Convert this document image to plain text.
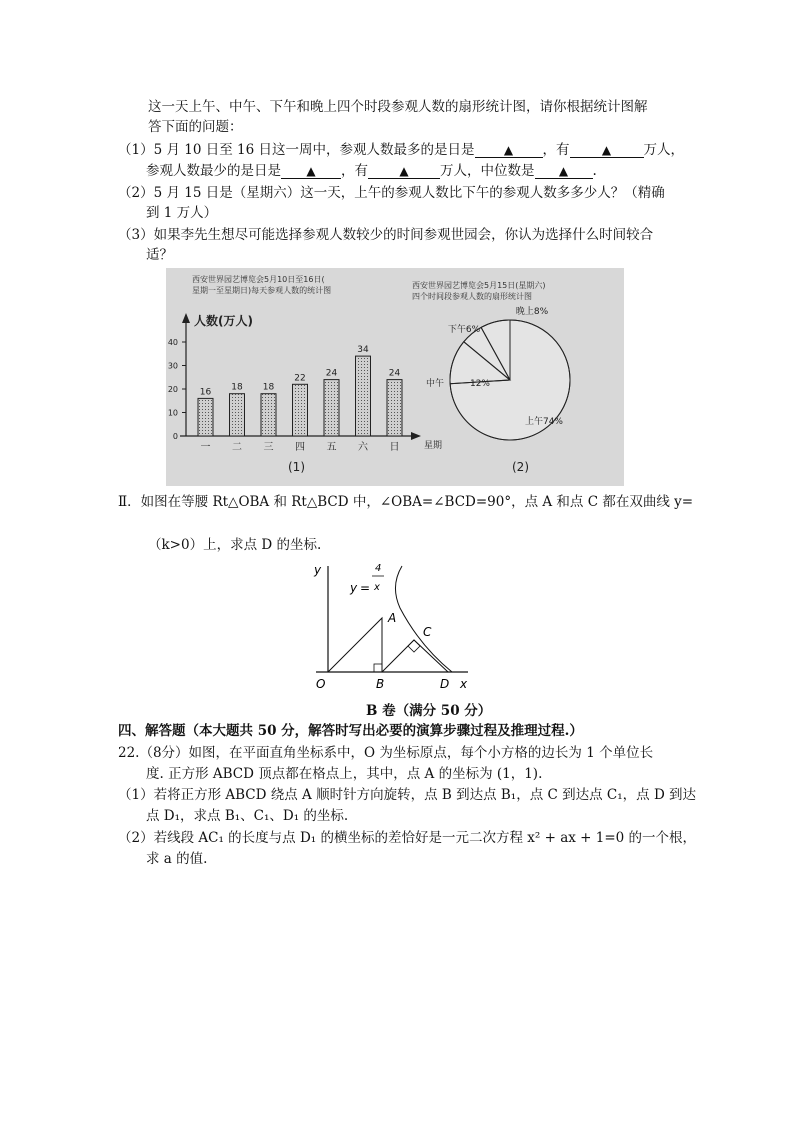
这一天上午、中午、下午和晚上四个时段参观人数的扇形统计图，请你根据统计图解
答下面的问题：
（1）5 月 10 日至 16 日这一周中，参观人数最多的是日是 ▲ ，有	▲ 万人，
参观人数最少的是日是 ▲ ，有	▲ 万人，中位数是 ▲ .
（2）5 月 15 日是（星期六）这一天，上午的参观人数比下午的参观人数多多少人？（精确
到 1 万人）
（3）如果李先生想尽可能选择参观人数较少的时间参观世园会，你认为选择什么时间较合
适？
西安世界园艺博览会5月10日至16日( 星期一至星期日)每天参观人数的统计图
人数(万人)
星期
0
10
20
30
40
16
一
18
二
18
三
22
四
24
五
34
六
24
日
(1)
西安世界园艺博览会5月15日(星期六) 四个时间段参观人数的扇形统计图
上午74%
12%
中午
下午6%
晚上8%
(2)
Ⅱ．如图在等腰 Rt△OBA 和 Rt△BCD 中，∠OBA=∠BCD=90°，点 A 和点 C 都在双曲线 y=
（k>0）上，求点 D 的坐标.
y
x
O	B	D
A
C
y =
4
x
B 卷（满分 50 分）
四、解答题（本大题共 50 分，解答时写出必要的演算步骤过程及推理过程.）
22.（8分）如图，在平面直角坐标系中，O 为坐标原点，每个小方格的边长为 1 个单位长
度. 正方形 ABCD 顶点都在格点上，其中，点 A 的坐标为 (1，1).
（1）若将正方形 ABCD 绕点 A 顺时针方向旋转，点 B 到达点 B₁，点 C 到达点 C₁，点 D 到达
点 D₁，求点 B₁、C₁、D₁ 的坐标.
（2）若线段 AC₁ 的长度与点 D₁ 的横坐标的差恰好是一元二次方程 x² + ax + 1=0 的一个根，
求 a 的值.
